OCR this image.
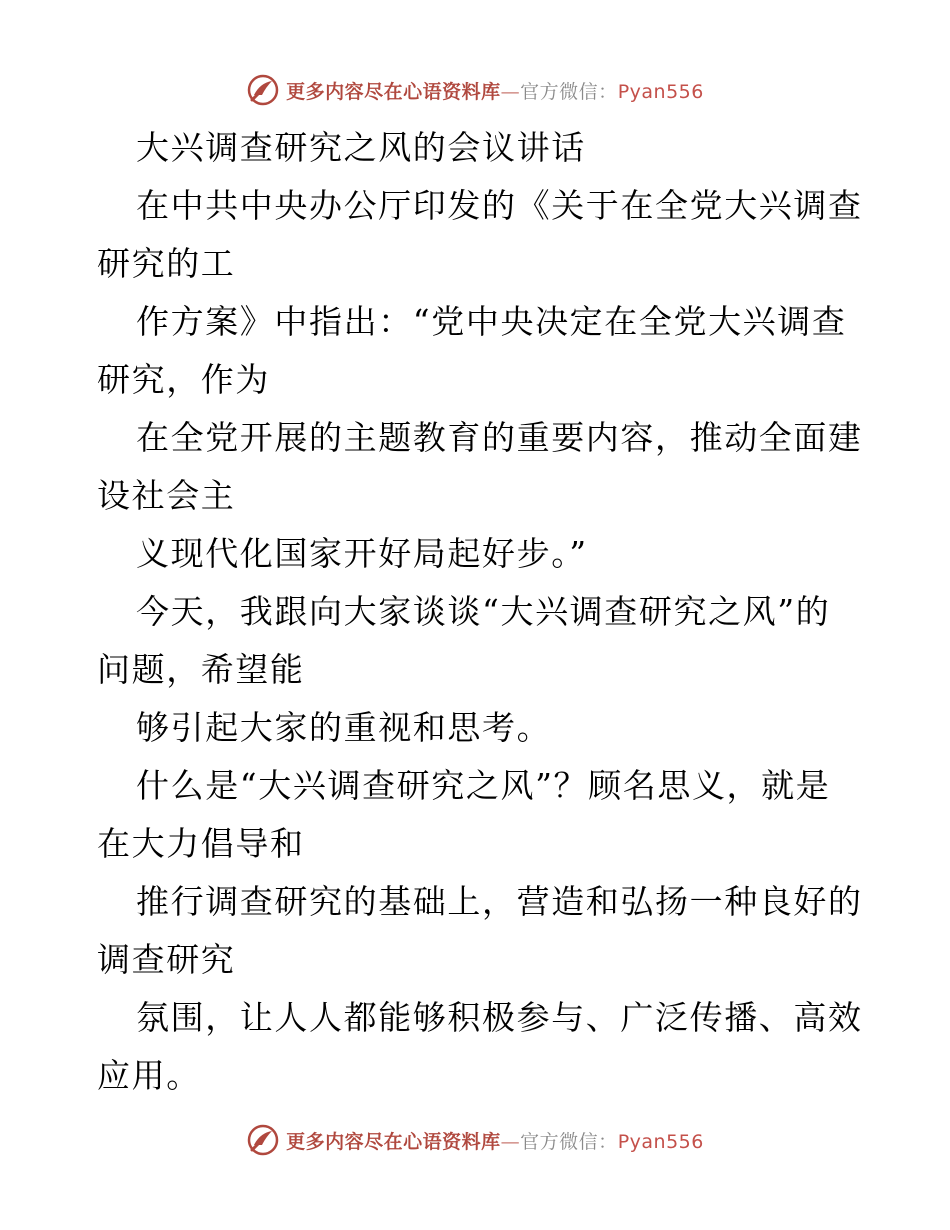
更多内容尽在心语资料库—官方微信：Pyan556
大兴调查研究之风的会议讲话
在中共中央办公厅印发的《关于在全党大兴调查
研究的工
作方案》中指出：“党中央决定在全党大兴调查
研究，作为
在全党开展的主题教育的重要内容，推动全面建
设社会主
义现代化国家开好局起好步。”
今天，我跟向大家谈谈“大兴调查研究之风”的
问题，希望能
够引起大家的重视和思考。
什么是“大兴调查研究之风”？顾名思义，就是
在大力倡导和
推行调查研究的基础上，营造和弘扬一种良好的
调查研究
氛围，让人人都能够积极参与、广泛传播、高效
应用。
更多内容尽在心语资料库—官方微信：Pyan556
